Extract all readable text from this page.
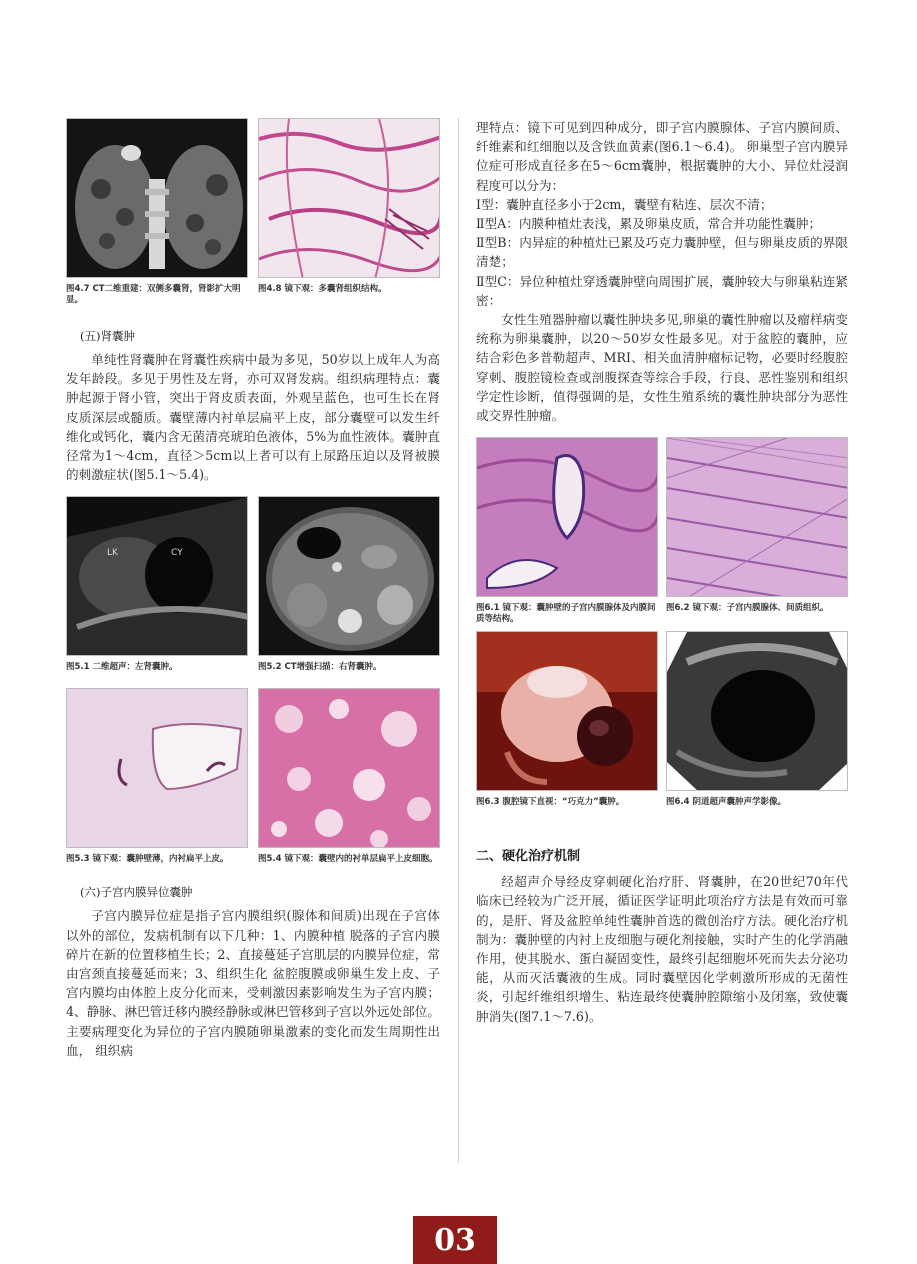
图4.7 CT二维重建：双侧多囊肾，肾影扩大明显。
图4.8 镜下观：多囊肾组织结构。
(五)肾囊肿

单纯性肾囊肿在肾囊性疾病中最为多见，50岁以上成年人为高发年龄段。多见于男性及左肾，亦可双肾发病。组织病理特点：囊肿起源于肾小管，突出于肾皮质表面，外观呈蓝色，也可生长在肾皮质深层或髓质。囊壁薄内衬单层扁平上皮，部分囊壁可以发生纤维化或钙化，囊内含无菌清亮琥珀色液体，5%为血性液体。囊肿直径常为1～4cm，直径＞5cm以上者可以有上尿路压迫以及肾被膜的刺激症状(图5.1～5.4)。

LK	CY
图5.1 二维超声：左肾囊肿。	图5.2 CT增强扫描：右肾囊肿。
图5.3 镜下观：囊肿壁薄，内衬扁平上皮。	图5.4 镜下观：囊壁内的衬单层扁平上皮细胞。
(六)子宫内膜异位囊肿

子宫内膜异位症是指子宫内膜组织(腺体和间质)出现在子宫体以外的部位，发病机制有以下几种：1、内膜种植 脱落的子宫内膜碎片在新的位置移植生长；2、直接蔓延子宫肌层的内膜异位症，常由宫颈直接蔓延而来；3、组织生化 盆腔腹膜或卵巢生发上皮、子宫内膜均由体腔上皮分化而来，受刺激因素影响发生为子宫内膜；4、静脉、淋巴管迁移内膜经静脉或淋巴管移到子宫以外远处部位。主要病理变化为异位的子宫内膜随卵巢激素的变化而发生周期性出血， 组织病

理特点：镜下可见到四种成分，即子宫内膜腺体、子宫内膜间质、纤维素和红细胞以及含铁血黄素(图6.1～6.4)。 卵巢型子宫内膜异位症可形成直径多在5～6cm囊肿，根据囊肿的大小、异位灶浸润程度可以分为：

Ⅰ型：囊肿直径多小于2cm，囊壁有粘连、层次不清；

Ⅱ型A：内膜种植灶表浅，累及卵巢皮质，常合并功能性囊肿；

Ⅱ型B：内异症的种植灶已累及巧克力囊肿壁，但与卵巢皮质的界限清楚；

Ⅱ型C：异位种植灶穿透囊肿壁向周围扩展，囊肿较大与卵巢粘连紧密：

女性生殖器肿瘤以囊性肿块多见,卵巢的囊性肿瘤以及瘤样病变统称为卵巢囊肿，以20～50岁女性最多见。对于盆腔的囊肿，应结合彩色多普勒超声、MRI、相关血清肿瘤标记物，必要时经腹腔穿刺、腹腔镜检查或剖腹探查等综合手段，行良、恶性鉴别和组织学定性诊断，值得强调的是，女性生殖系统的囊性肿块部分为恶性或交界性肿瘤。

图6.1 镜下观：囊肿壁的子宫内膜腺体及内膜间质等结构。
图6.2 镜下观：子宫内膜腺体、间质组织。
图6.3 腹腔镜下直视：“巧克力”囊肿。	图6.4 阴道超声囊肿声学影像。
二、硬化治疗机制

经超声介导经皮穿刺硬化治疗肝、肾囊肿，在20世纪70年代临床已经较为广泛开展，循证医学证明此项治疗方法是有效而可靠的，是肝、肾及盆腔单纯性囊肿首选的微创治疗方法。硬化治疗机制为：囊肿壁的内衬上皮细胞与硬化剂接触，实时产生的化学消融作用，使其脱水、蛋白凝固变性，最终引起细胞坏死而失去分泌功能，从而灭活囊液的生成。同时囊壁因化学刺激所形成的无菌性炎，引起纤维组织增生、粘连最终使囊肿腔隙缩小及闭塞，致使囊肿消失(图7.1～7.6)。

03
